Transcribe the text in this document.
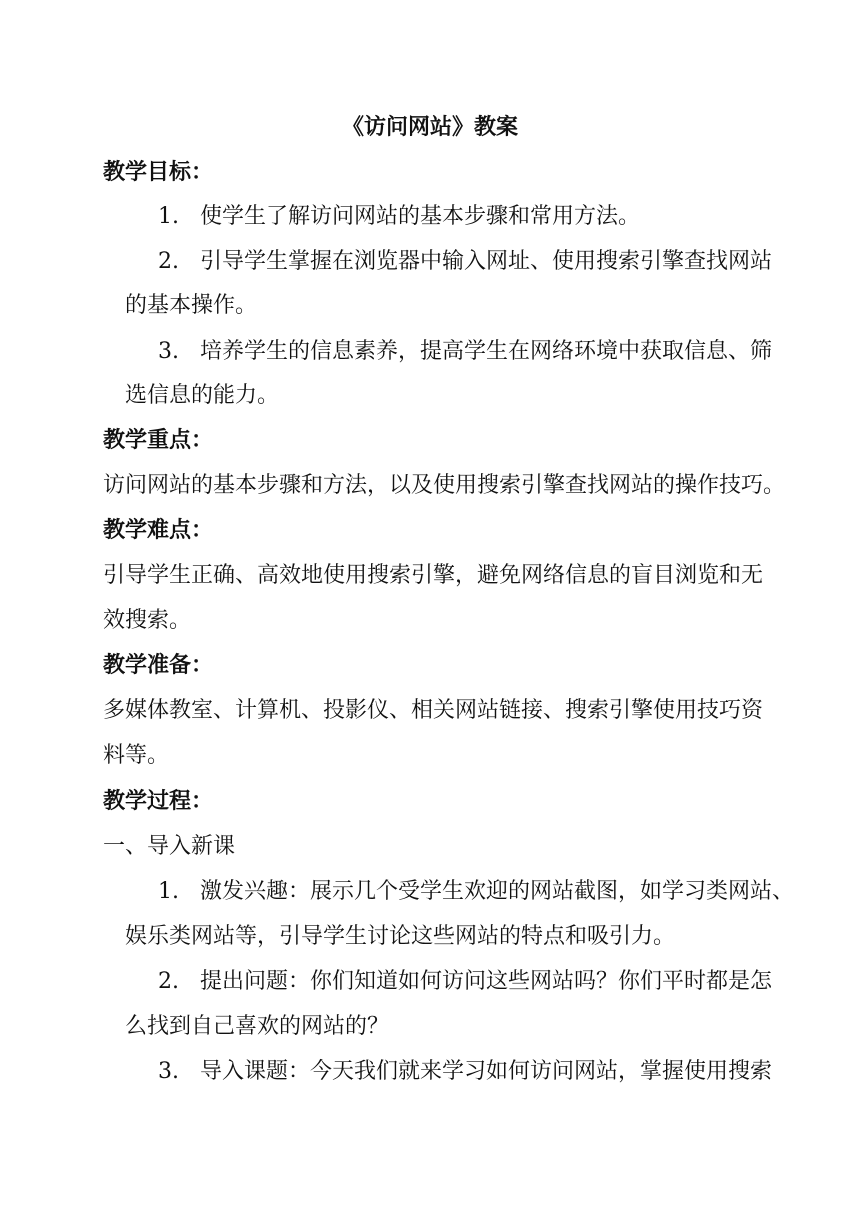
《访问网站》教案
教学目标：
1. 使学生了解访问网站的基本步骤和常用方法。
2. 引导学生掌握在浏览器中输入网址、使用搜索引擎查找网站
的基本操作。
3. 培养学生的信息素养，提高学生在网络环境中获取信息、筛
选信息的能力。
教学重点：
访问网站的基本步骤和方法，以及使用搜索引擎查找网站的操作技巧。
教学难点：
引导学生正确、高效地使用搜索引擎，避免网络信息的盲目浏览和无
效搜索。
教学准备：
多媒体教室、计算机、投影仪、相关网站链接、搜索引擎使用技巧资
料等。
教学过程：
一、导入新课
1. 激发兴趣：展示几个受学生欢迎的网站截图，如学习类网站、
娱乐类网站等，引导学生讨论这些网站的特点和吸引力。
2. 提出问题：你们知道如何访问这些网站吗？你们平时都是怎
么找到自己喜欢的网站的？
3. 导入课题：今天我们就来学习如何访问网站，掌握使用搜索
